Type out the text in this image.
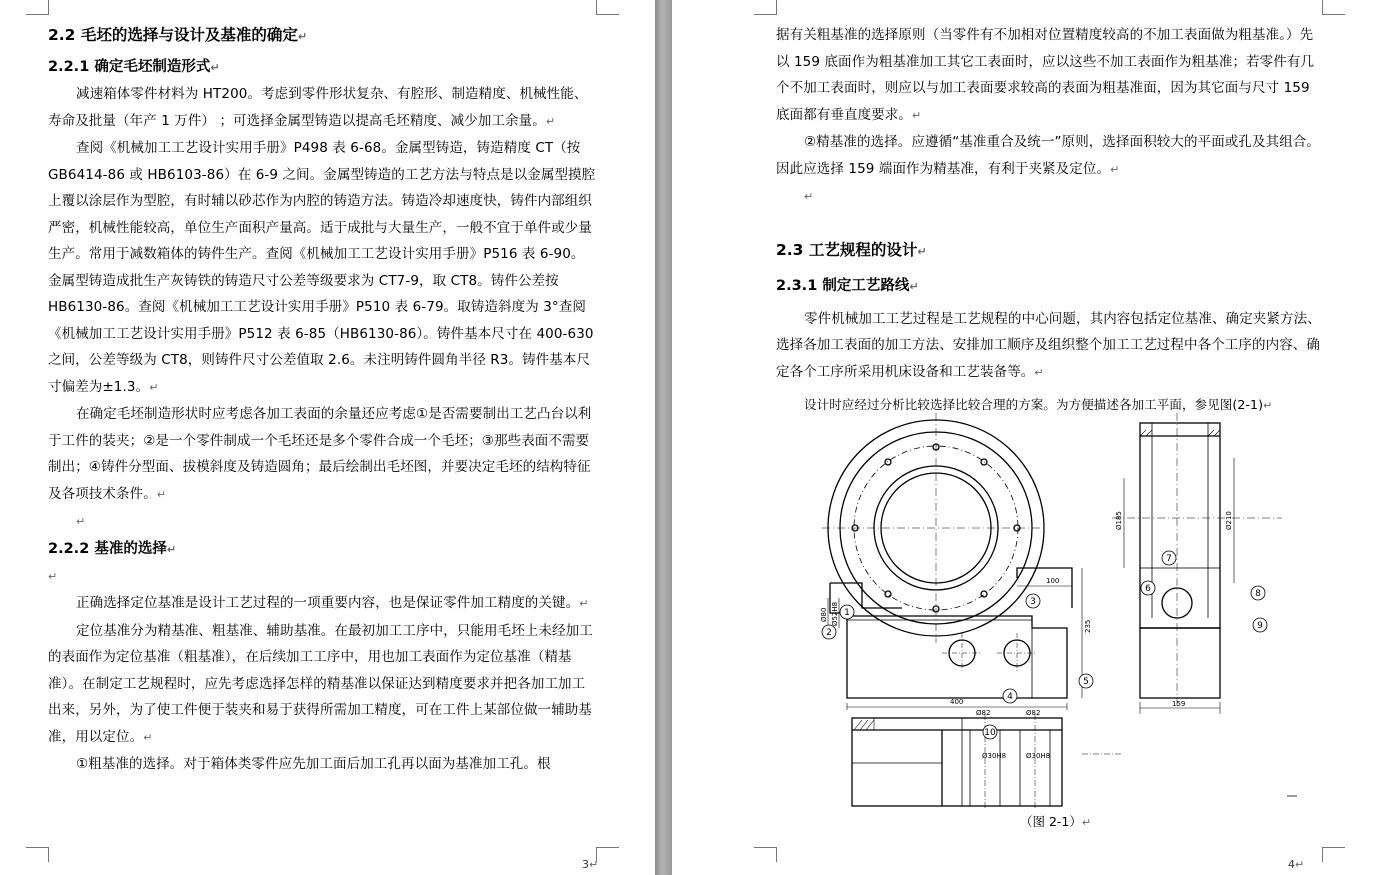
2.2 毛坯的选择与设计及基准的确定↵
2.2.1 确定毛坯制造形式↵

减速箱体零件材料为 HT200。考虑到零件形状复杂、有腔形、制造精度、机械性能、寿命及批量（年产 1 万件） ；可选择金属型铸造以提高毛坯精度、减少加工余量。↵

查阅《机械加工工艺设计实用手册》P498 表 6-68。金属型铸造，铸造精度 CT（按 GB6414-86 或 HB6103-86）在 6-9 之间。金属型铸造的工艺方法与特点是以金属型摸腔上覆以涂层作为型腔，有时辅以砂芯作为内腔的铸造方法。铸造冷却速度快，铸件内部组织严密，机械性能较高，单位生产面积产量高。适于成批与大量生产，一般不宜于单件或少量生产。常用于减数箱体的铸件生产。查阅《机械加工工艺设计实用手册》P516 表 6-90。金属型铸造成批生产灰铸铁的铸造尺寸公差等级要求为 CT7-9，取 CT8。铸件公差按 HB6130-86。查阅《机械加工工艺设计实用手册》P510 表 6-79。取铸造斜度为 3°查阅《机械加工工艺设计实用手册》P512 表 6-85（HB6130-86）。铸件基本尺寸在 400-630 之间，公差等级为 CT8，则铸件尺寸公差值取 2.6。未注明铸件圆角半径 R3。铸件基本尺寸偏差为±1.3。↵

在确定毛坯制造形状时应考虑各加工表面的余量还应考虑①是否需要制出工艺凸台以利于工件的装夹；②是一个零件制成一个毛坯还是多个零件合成一个毛坯；③那些表面不需要制出；④铸件分型面、拔模斜度及铸造圆角；最后绘制出毛坯图，并要决定毛坯的结构特征及各项技术条件。↵

↵

2.2.2 基准的选择↵

↵

正确选择定位基准是设计工艺过程的一项重要内容，也是保证零件加工精度的关键。↵

定位基准分为精基准、粗基准、辅助基准。在最初加工工序中，只能用毛坯上未经加工的表面作为定位基准（粗基准），在后续加工工序中，用也加工表面作为定位基准（精基准）。在制定工艺规程时，应先考虑选择怎样的精基准以保证达到精度要求并把各加工加工出来，另外，为了使工件便于装夹和易于获得所需加工精度，可在工件上某部位做一辅助基准，用以定位。↵

①粗基准的选择。对于箱体类零件应先加工面后加工孔再以面为基准加工孔。根

3↵

据有关粗基准的选择原则（当零件有不加相对位置精度较高的不加工表面做为粗基准。）先以 159 底面作为粗基准加工其它工表面时，应以这些不加工表面作为粗基准；若零件有几个不加工表面时，则应以与加工表面要求较高的表面为粗基准面，因为其它面与尺寸 159 底面都有垂直度要求。↵

②精基准的选择。应遵循“基准重合及统一”原则，选择面积较大的平面或孔及其组合。因此应选择 159 端面作为精基准，有利于夹紧及定位。↵

↵

2.3 工艺规程的设计↵
2.3.1 制定工艺路线↵

零件机械加工工艺过程是工艺规程的中心问题，其内容包括定位基准、确定夹紧方法、选择各加工表面的加工方法、安排加工顺序及组织整个加工工艺过程中各个工序的内容、确定各个工序所采用机床设备和工艺装备等。↵

设计时应经过分析比较选择比较合理的方案。为方便描述各加工平面，参见图(2-1)↵

1
2
3
4
5
6
7
8
9
10
100
400
235
Ø80 Ø52H8
Ø185	Ø210
159
Ø82	Ø82
Ø30H8	Ø30H8
（图 2-1）↵
4↵
